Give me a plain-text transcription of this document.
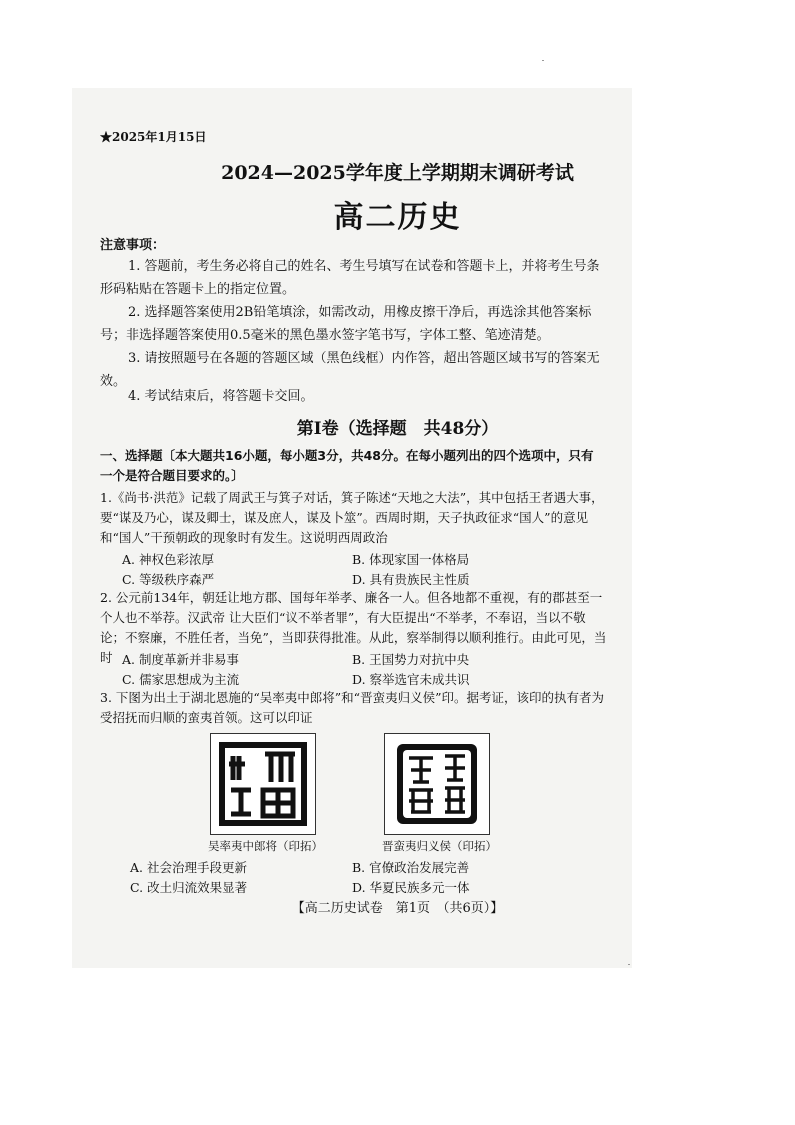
★2025年1月15日
2024—2025学年度上学期期末调研考试
高二历史
注意事项：
1. 答题前，考生务必将自己的姓名、考生号填写在试卷和答题卡上，并将考生号条形码粘贴在答题卡上的指定位置。
2. 选择题答案使用2B铅笔填涂，如需改动，用橡皮擦干净后，再选涂其他答案标号；非选择题答案使用0.5毫米的黑色墨水签字笔书写，字体工整、笔迹清楚。
3. 请按照题号在各题的答题区域（黑色线框）内作答，超出答题区域书写的答案无效。
4. 考试结束后，将答题卡交回。
第Ⅰ卷（选择题　共48分）
一、选择题〔本大题共16小题，每小题3分，共48分。在每小题列出的四个选项中，只有一个是符合题目要求的。〕
1.《尚书·洪范》记载了周武王与箕子对话，箕子陈述“天地之大法”，其中包括王者遇大事，要“谋及乃心，谋及卿士，谋及庶人，谋及卜筮”。西周时期，天子执政征求“国人”的意见和“国人”干预朝政的现象时有发生。这说明西周政治
A. 神权色彩浓厚	B. 体现家国一体格局
C. 等级秩序森严	D. 具有贵族民主性质
2. 公元前134年，朝廷让地方郡、国每年举孝、廉各一人。但各地都不重视，有的郡甚至一个人也不举荐。汉武帝 让大臣们“议不举者罪”，有大臣提出“不举孝，不奉诏，当以不敬论；不察廉，不胜任者，当免”，当即获得批准。从此，察举制得以顺利推行。由此可见，当时 A. 制度革新并非易事	B. 王国势力对抗中央
C. 儒家思想成为主流	D. 察举选官未成共识
3. 下图为出土于湖北恩施的“吴率夷中郎将”和“晋蛮夷归义侯”印。据考证，该印的执有者为受招抚而归顺的蛮夷首领。这可以印证
吴率夷中郎将（印拓）	晋蛮夷归义侯（印拓）
A. 社会治理手段更新	B. 官僚政治发展完善
C. 改土归流效果显著	D. 华夏民族多元一体
【高二历史试卷　第1页　（共6页）】
